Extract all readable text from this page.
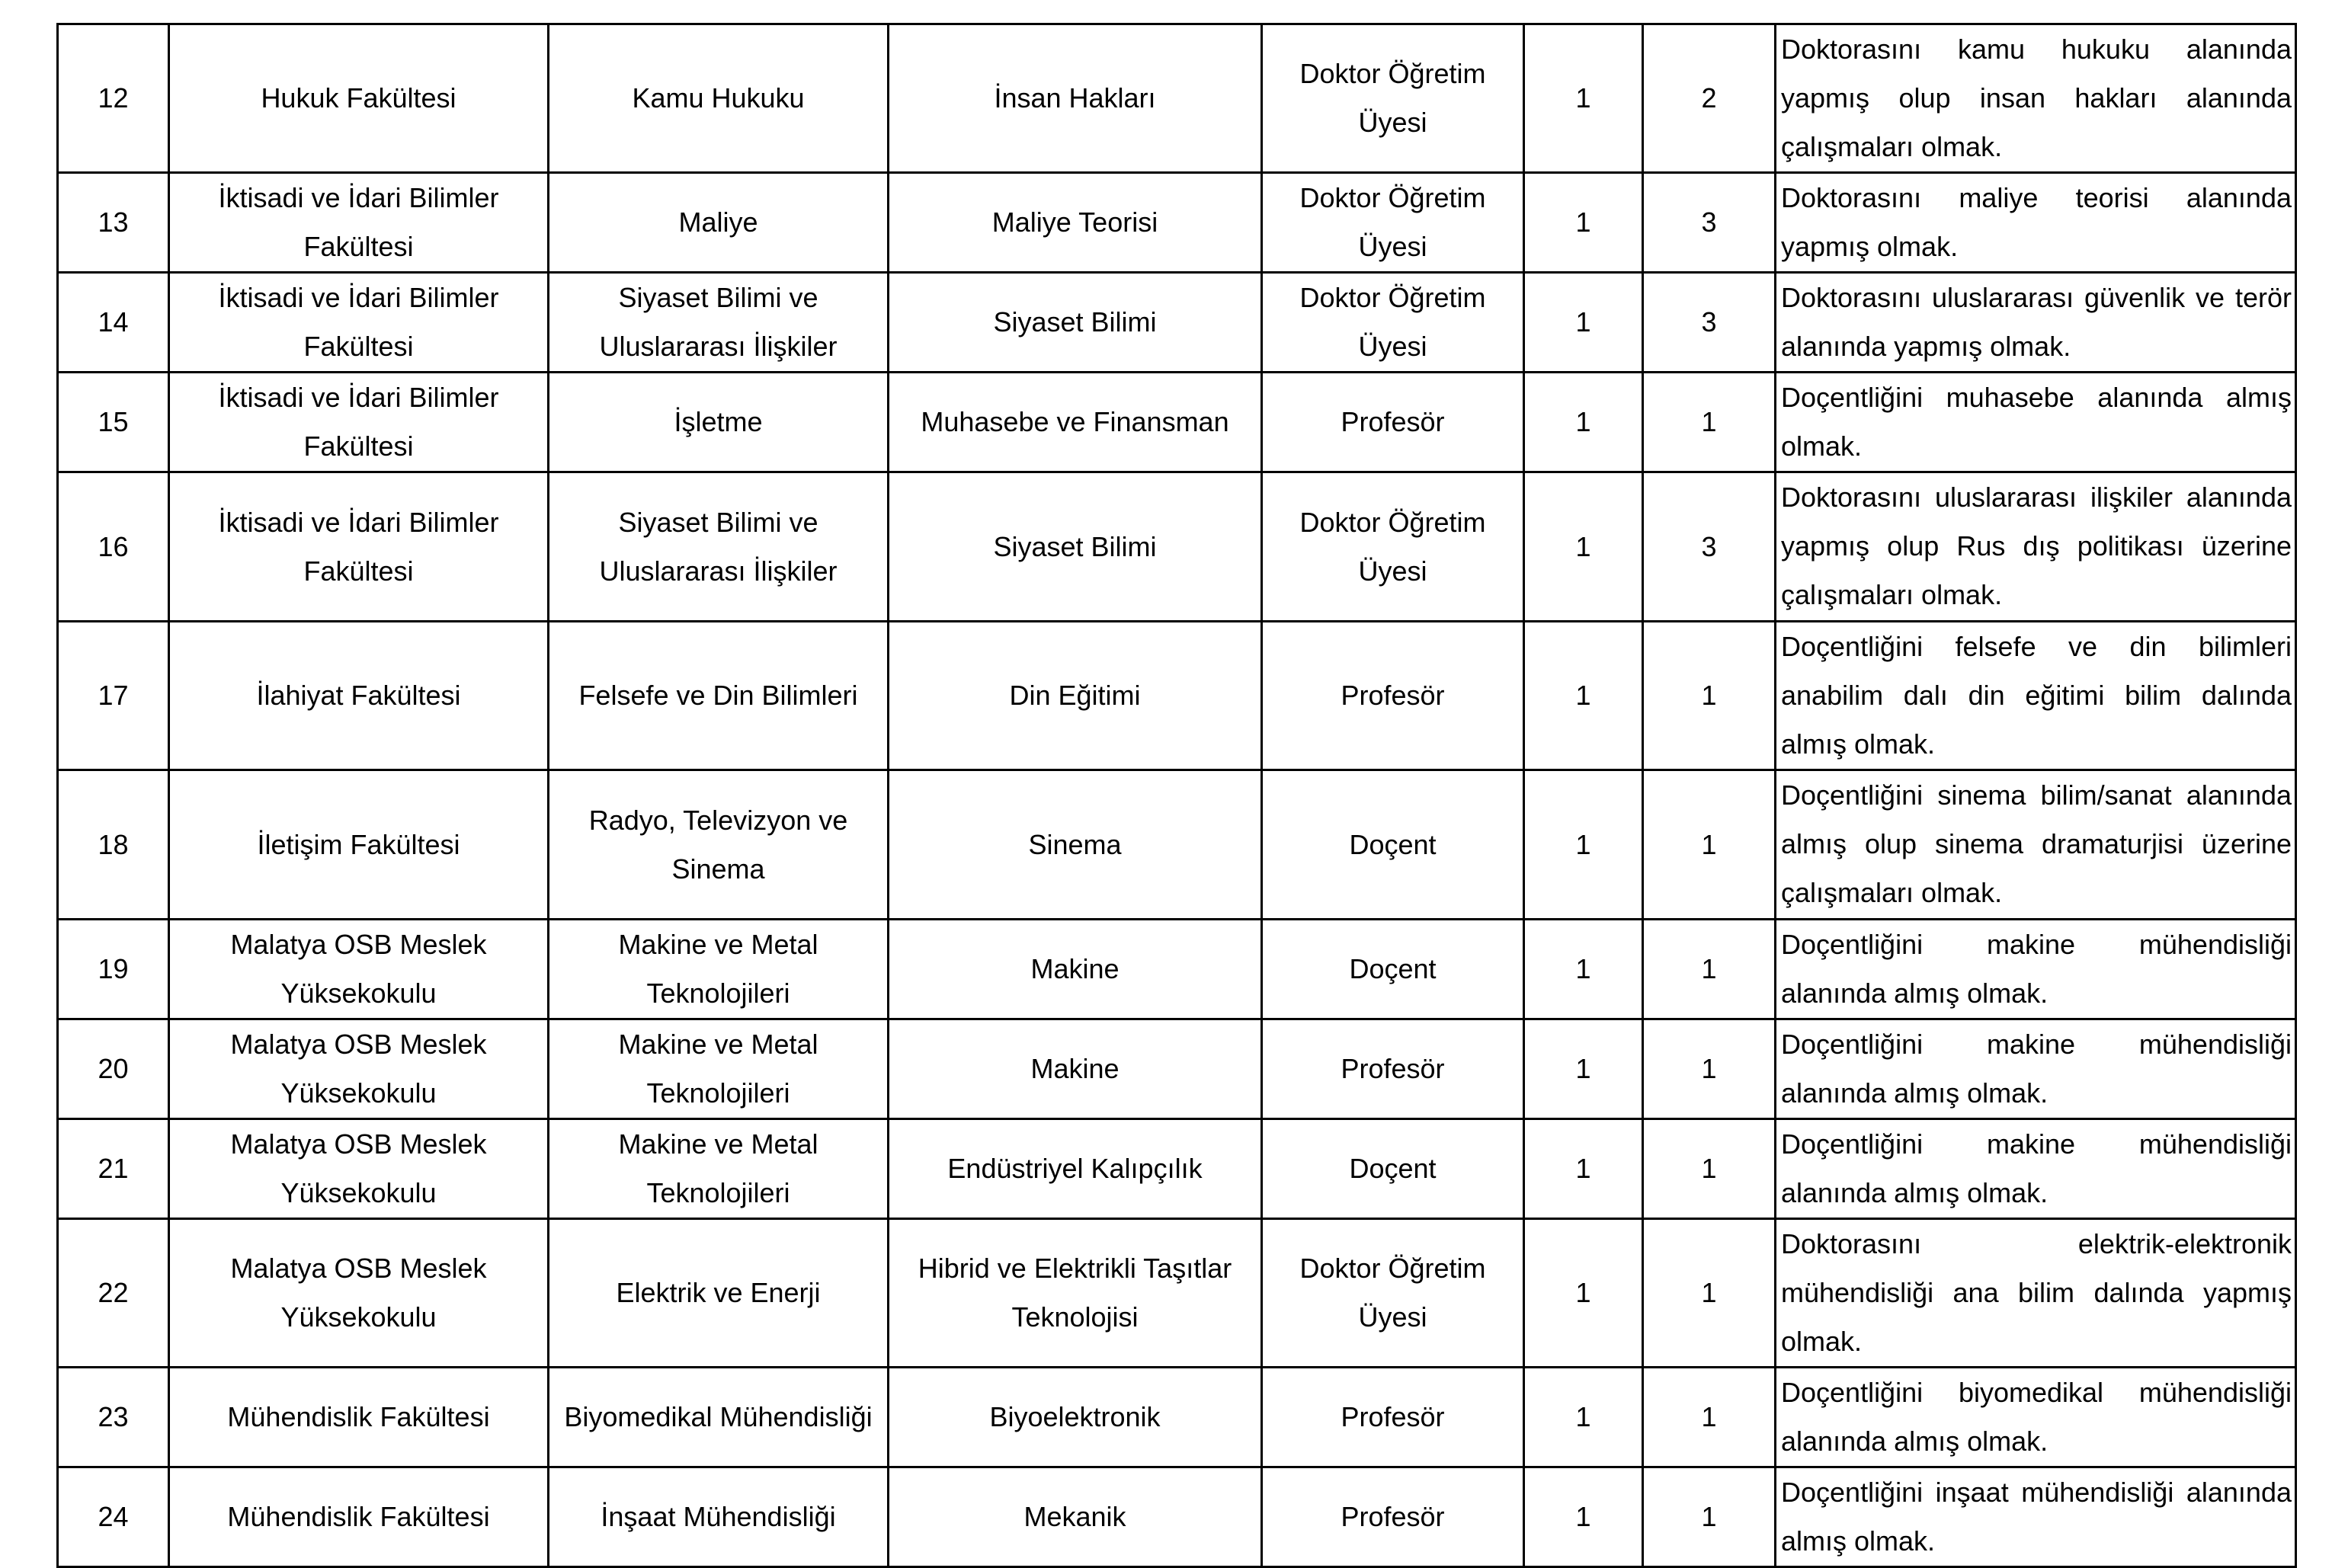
12	Hukuk Fakültesi	Kamu Hukuku	İnsan Hakları	Doktor Öğretim Üyesi	1	2	Doktorasını kamu hukuku alanında yapmış olup insan hakları alanında çalışmaları olmak.
13	İktisadi ve İdari Bilimler Fakültesi	Maliye	Maliye Teorisi	Doktor Öğretim Üyesi	1	3	Doktorasını maliye teorisi alanında yapmış olmak.
14	İktisadi ve İdari Bilimler Fakültesi	Siyaset Bilimi ve Uluslararası İlişkiler	Siyaset Bilimi	Doktor Öğretim Üyesi	1	3	Doktorasını uluslararası güvenlik ve terör alanında yapmış olmak.
15	İktisadi ve İdari Bilimler Fakültesi	İşletme	Muhasebe ve Finansman	Profesör	1	1	Doçentliğini muhasebe alanında almış olmak.
16	İktisadi ve İdari Bilimler Fakültesi	Siyaset Bilimi ve Uluslararası İlişkiler	Siyaset Bilimi	Doktor Öğretim Üyesi	1	3	Doktorasını uluslararası ilişkiler alanında yapmış olup Rus dış politikası üzerine çalışmaları olmak.
17	İlahiyat Fakültesi	Felsefe ve Din Bilimleri	Din Eğitimi	Profesör	1	1	Doçentliğini felsefe ve din bilimleri anabilim dalı din eğitimi bilim dalında almış olmak.
18	İletişim Fakültesi	Radyo, Televizyon ve Sinema	Sinema	Doçent	1	1	Doçentliğini sinema bilim/sanat alanında almış olup sinema dramaturjisi üzerine çalışmaları olmak.
19	Malatya OSB Meslek Yüksekokulu	Makine ve Metal Teknolojileri	Makine	Doçent	1	1	Doçentliğini makine mühendisliği alanında almış olmak.
20	Malatya OSB Meslek Yüksekokulu	Makine ve Metal Teknolojileri	Makine	Profesör	1	1	Doçentliğini makine mühendisliği alanında almış olmak.
21	Malatya OSB Meslek Yüksekokulu	Makine ve Metal Teknolojileri	Endüstriyel Kalıpçılık	Doçent	1	1	Doçentliğini makine mühendisliği alanında almış olmak.
22	Malatya OSB Meslek Yüksekokulu	Elektrik ve Enerji	Hibrid ve Elektrikli Taşıtlar Teknolojisi	Doktor Öğretim Üyesi	1	1	Doktorasını elektrik-elektronik mühendisliği ana bilim dalında yapmış olmak.
23	Mühendislik Fakültesi	Biyomedikal Mühendisliği	Biyoelektronik	Profesör	1	1	Doçentliğini biyomedikal mühendisliği alanında almış olmak.
24	Mühendislik Fakültesi	İnşaat Mühendisliği	Mekanik	Profesör	1	1	Doçentliğini inşaat mühendisliği alanında almış olmak.
